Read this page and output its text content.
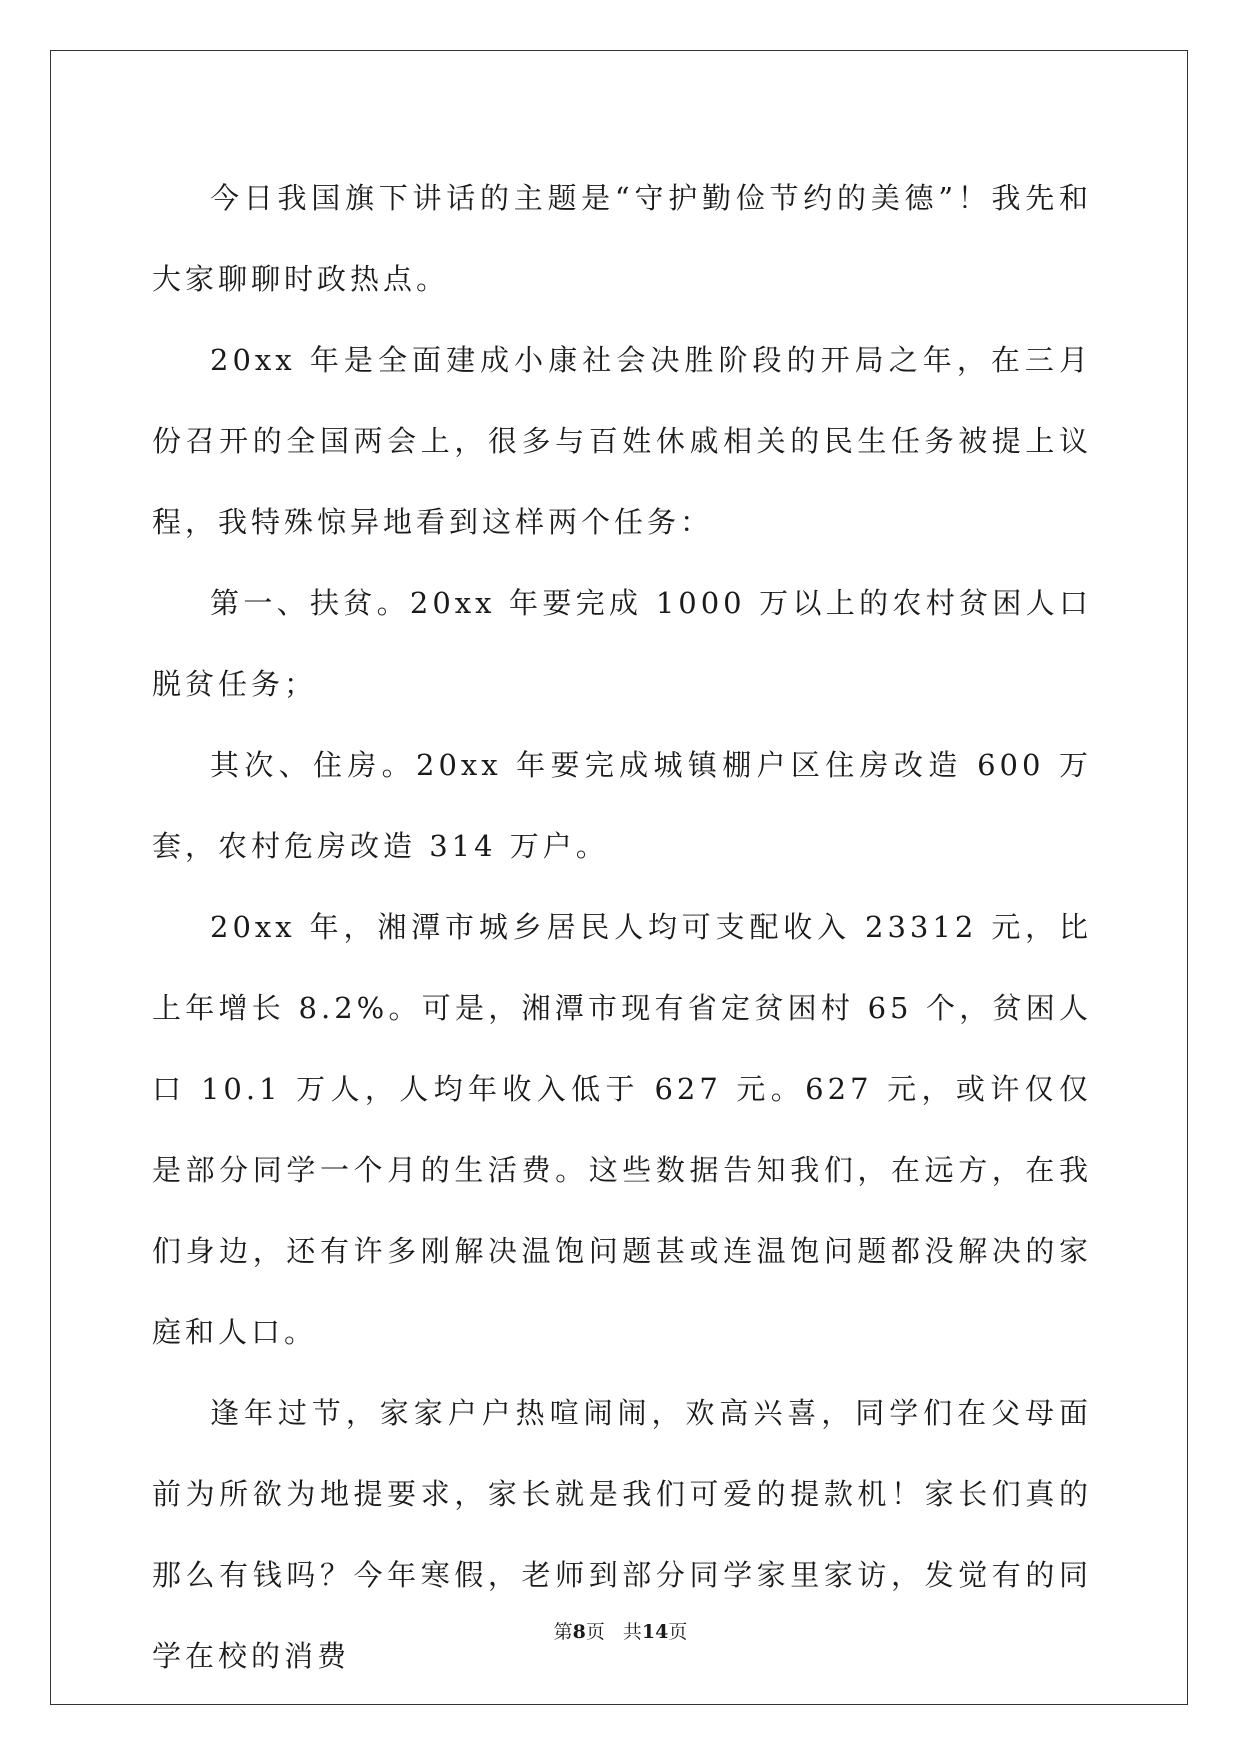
今日我国旗下讲话的主题是“守护勤俭节约的美德”！我先和大家聊聊时政热点。

20xx 年是全面建成小康社会决胜阶段的开局之年，在三月份召开的全国两会上，很多与百姓休戚相关的民生任务被提上议程，我特殊惊异地看到这样两个任务：

第一、扶贫。20xx 年要完成 1000 万以上的农村贫困人口脱贫任务；

其次、住房。20xx 年要完成城镇棚户区住房改造 600 万套，农村危房改造 314 万户。

20xx 年，湘潭市城乡居民人均可支配收入 23312 元，比上年增长 8.2%。可是，湘潭市现有省定贫困村 65 个，贫困人口 10.1 万人，人均年收入低于 627 元。627 元，或许仅仅是部分同学一个月的生活费。这些数据告知我们，在远方，在我们身边，还有许多刚解决温饱问题甚或连温饱问题都没解决的家庭和人口。

逢年过节，家家户户热喧闹闹，欢高兴喜，同学们在父母面前为所欲为地提要求，家长就是我们可爱的提款机！家长们真的那么有钱吗？今年寒假，老师到部分同学家里家访，发觉有的同学在校的消费

第8页 共14页
